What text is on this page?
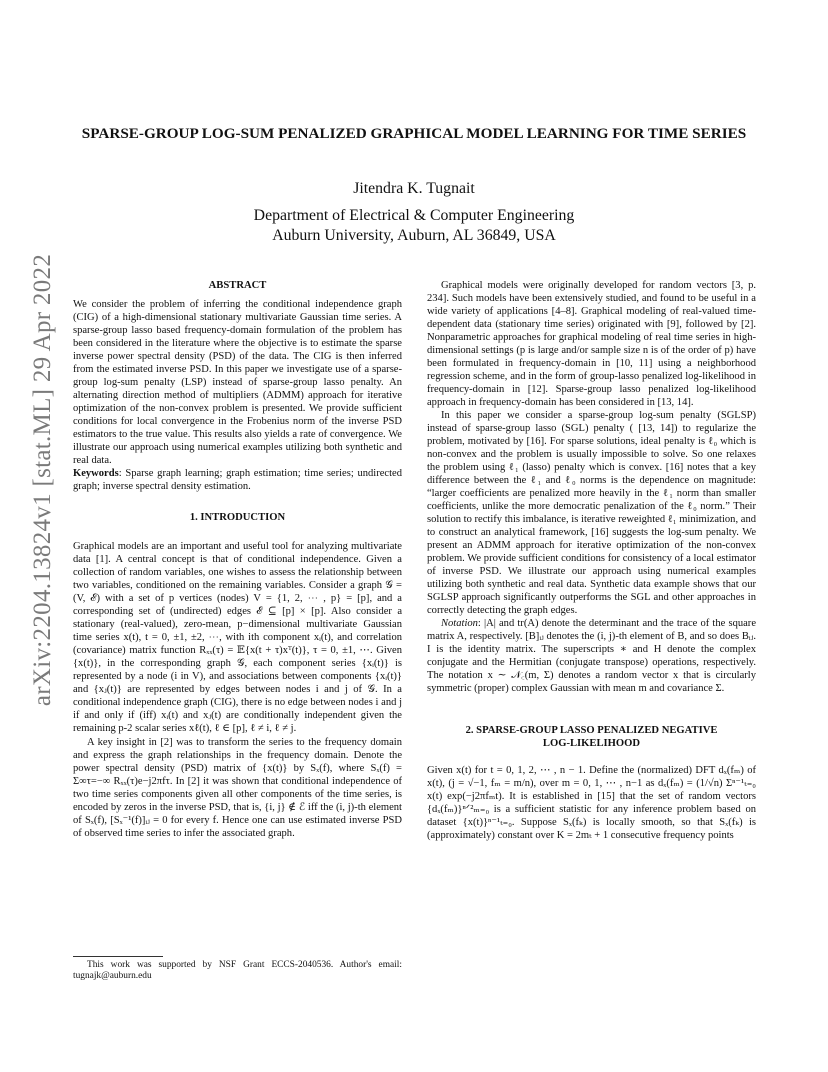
arXiv:2204.13824v1 [stat.ML] 29 Apr 2022
SPARSE-GROUP LOG-SUM PENALIZED GRAPHICAL MODEL LEARNING FOR TIME SERIES
Jitendra K. Tugnait
Department of Electrical & Computer Engineering
Auburn University, Auburn, AL 36849, USA

ABSTRACT

We consider the problem of inferring the conditional independence graph (CIG) of a high-dimensional stationary multivariate Gaussian time series. A sparse-group lasso based frequency-domain formulation of the problem has been considered in the literature where the objective is to estimate the sparse inverse power spectral density (PSD) of the data. The CIG is then inferred from the estimated inverse PSD. In this paper we investigate use of a sparse-group log-sum penalty (LSP) instead of sparse-group lasso penalty. An alternating direction method of multipliers (ADMM) approach for iterative optimization of the non-convex problem is presented. We provide sufficient conditions for local convergence in the Frobenius norm of the inverse PSD estimators to the true value. This results also yields a rate of convergence. We illustrate our approach using numerical examples utilizing both synthetic and real data.

Keywords: Sparse graph learning; graph estimation; time series; undirected graph; inverse spectral density estimation.

1. INTRODUCTION

Graphical models are an important and useful tool for analyzing multivariate data [1]. A central concept is that of conditional independence. Given a collection of random variables, one wishes to assess the relationship between two variables, conditioned on the remaining variables. Consider a graph 𝒢 = (V, ℰ) with a set of p vertices (nodes) V = {1, 2, ⋯ , p} = [p], and a corresponding set of (undirected) edges ℰ ⊆ [p] × [p]. Also consider a stationary (real-valued), zero-mean, p−dimensional multivariate Gaussian time series x(t), t = 0, ±1, ±2, ⋯, with ith component xᵢ(t), and correlation (covariance) matrix function Rₓₓ(τ) = 𝔼{x(t + τ)xᵀ(t)}, τ = 0, ±1, ⋯. Given {x(t)}, in the corresponding graph 𝒢, each component series {xᵢ(t)} is represented by a node (i in V), and associations between components {xᵢ(t)} and {xⱼ(t)} are represented by edges between nodes i and j of 𝒢. In a conditional independence graph (CIG), there is no edge between nodes i and j if and only if (iff) xᵢ(t) and xⱼ(t) are conditionally independent given the remaining p-2 scalar series xℓ(t), ℓ ∈ [p], ℓ ≠ i, ℓ ≠ j.

A key insight in [2] was to transform the series to the frequency domain and express the graph relationships in the frequency domain. Denote the power spectral density (PSD) matrix of {x(t)} by Sₓ(f), where Sₓ(f) = Σ∞τ=−∞ Rₓₓ(τ)e−j2πfτ. In [2] it was shown that conditional independence of two time series components given all other components of the time series, is encoded by zeros in the inverse PSD, that is, {i, j} ∉ ℰ iff the (i, j)-th element of Sₓ(f), [Sₓ⁻¹(f)]ᵢⱼ = 0 for every f. Hence one can use estimated inverse PSD of observed time series to infer the associated graph.

This work was supported by NSF Grant ECCS-2040536. Author's email: tugnajk@auburn.edu

Graphical models were originally developed for random vectors [3, p. 234]. Such models have been extensively studied, and found to be useful in a wide variety of applications [4–8]. Graphical modeling of real-valued time-dependent data (stationary time series) originated with [9], followed by [2]. Nonparametric approaches for graphical modeling of real time series in high-dimensional settings (p is large and/or sample size n is of the order of p) have been formulated in frequency-domain in [10, 11] using a neighborhood regression scheme, and in the form of group-lasso penalized log-likelihood in frequency-domain in [12]. Sparse-group lasso penalized log-likelihood approach in frequency-domain has been considered in [13, 14].

In this paper we consider a sparse-group log-sum penalty (SGLSP) instead of sparse-group lasso (SGL) penalty ( [13, 14]) to regularize the problem, motivated by [16]. For sparse solutions, ideal penalty is ℓ₀ which is non-convex and the problem is usually impossible to solve. So one relaxes the problem using ℓ₁ (lasso) penalty which is convex. [16] notes that a key difference between the ℓ₁ and ℓ₀ norms is the dependence on magnitude: “larger coefficients are penalized more heavily in the ℓ₁ norm than smaller coefficients, unlike the more democratic penalization of the ℓ₀ norm.” Their solution to rectify this imbalance, is iterative reweighted ℓ₁ minimization, and to construct an analytical framework, [16] suggests the log-sum penalty. We present an ADMM approach for iterative optimization of the non-convex problem. We provide sufficient conditions for consistency of a local estimator of inverse PSD. We illustrate our approach using numerical examples utilizing both synthetic and real data. Synthetic data example shows that our SGLSP approach significantly outperforms the SGL and other approaches in correctly detecting the graph edges.

Notation: |A| and tr(A) denote the determinant and the trace of the square matrix A, respectively. [B]ᵢⱼ denotes the (i, j)-th element of B, and so does Bᵢⱼ. I is the identity matrix. The superscripts ∗ and H denote the complex conjugate and the Hermitian (conjugate transpose) operations, respectively. The notation x ∼ 𝒩꜀(m, Σ) denotes a random vector x that is circularly symmetric (proper) complex Gaussian with mean m and covariance Σ.

2. SPARSE-GROUP LASSO PENALIZED NEGATIVE

LOG-LIKELIHOOD

Given x(t) for t = 0, 1, 2, ⋯ , n − 1. Define the (normalized) DFT dₓ(fₘ) of x(t), (j = √−1, fₘ = m/n), over m = 0, 1, ⋯ , n−1 as dₓ(fₘ) = (1/√n) Σⁿ⁻¹ₜ₌₀ x(t) exp(−j2πfₘt). It is established in [15] that the set of random vectors {dₓ(fₘ)}ⁿᐟ²ₘ₌₀ is a sufficient statistic for any inference problem based on dataset {x(t)}ⁿ⁻¹ₜ₌₀. Suppose Sₓ(fₖ) is locally smooth, so that Sₓ(fₖ) is (approximately) constant over K = 2mₜ + 1 consecutive frequency points
